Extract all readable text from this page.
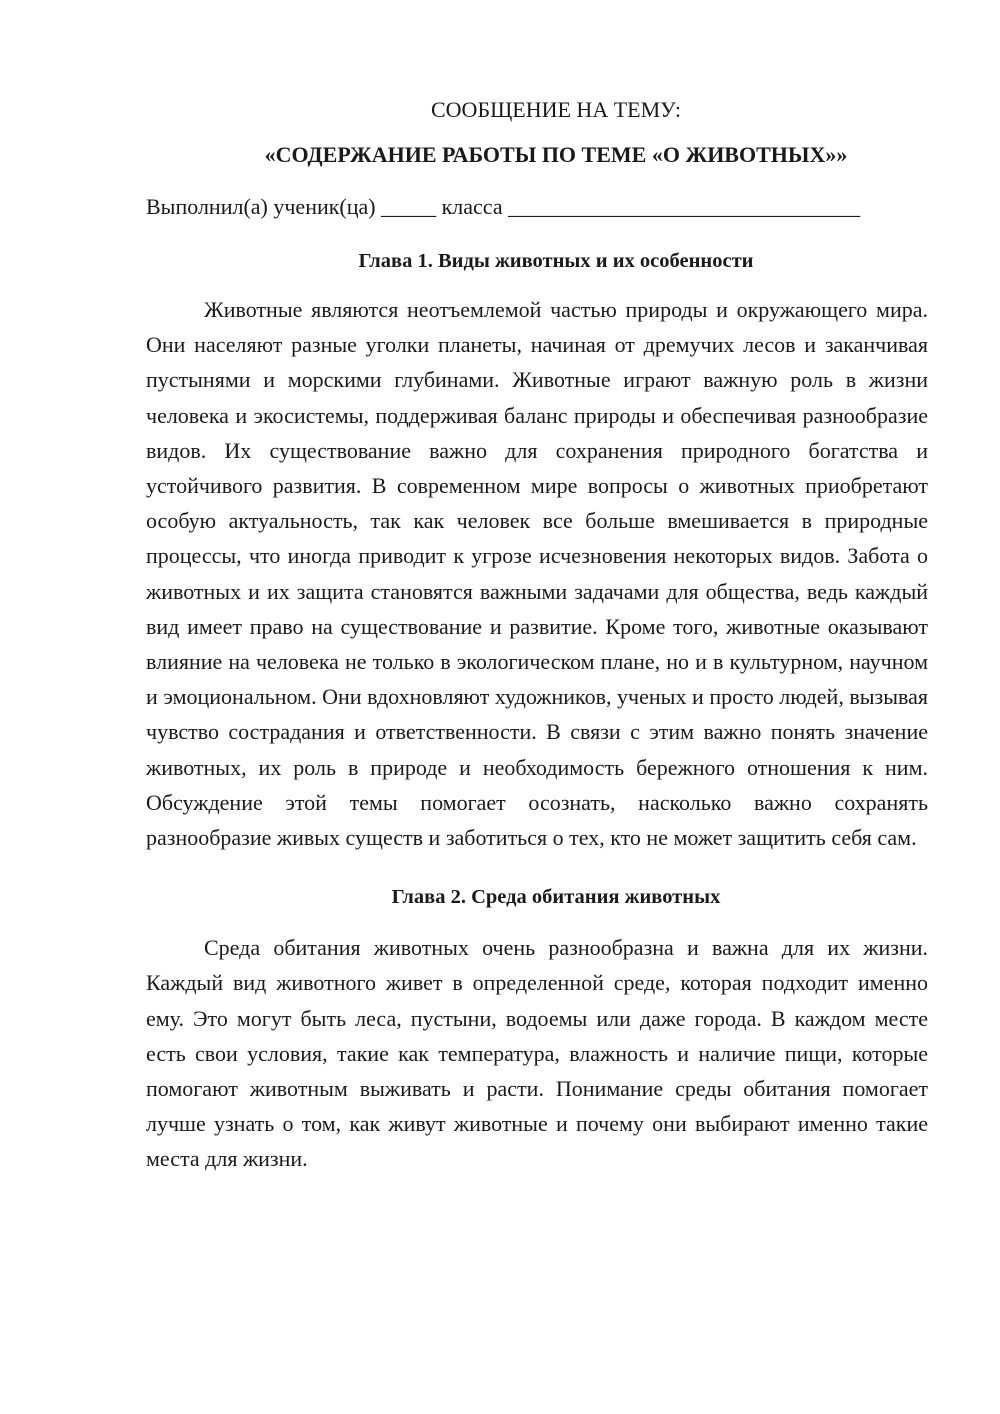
СООБЩЕНИЕ НА ТЕМУ:

«СОДЕРЖАНИЕ РАБОТЫ ПО ТЕМЕ «О ЖИВОТНЫХ»»

Выполнил(а) ученик(ца) _____ класса ________________________________

Глава 1. Виды животных и их особенности

Животные являются неотъемлемой частью природы и окружающего мира. Они населяют разные уголки планеты, начиная от дремучих лесов и заканчивая пустынями и морскими глубинами. Животные играют важную роль в жизни человека и экосистемы, поддерживая баланс природы и обеспечивая разнообразие видов. Их существование важно для сохранения природного богатства и устойчивого развития. В современном мире вопросы о животных приобретают особую актуальность, так как человек все больше вмешивается в природные процессы, что иногда приводит к угрозе исчезновения некоторых видов. Забота о животных и их защита становятся важными задачами для общества, ведь каждый вид имеет право на существование и развитие. Кроме того, животные оказывают влияние на человека не только в экологическом плане, но и в культурном, научном и эмоциональном. Они вдохновляют художников, ученых и просто людей, вызывая чувство сострадания и ответственности. В связи с этим важно понять значение животных, их роль в природе и необходимость бережного отношения к ним. Обсуждение этой темы помогает осознать, насколько важно сохранять разнообразие живых существ и заботиться о тех, кто не может защитить себя сам.

Глава 2. Среда обитания животных

Среда обитания животных очень разнообразна и важна для их жизни. Каждый вид животного живет в определенной среде, которая подходит именно ему. Это могут быть леса, пустыни, водоемы или даже города. В каждом месте есть свои условия, такие как температура, влажность и наличие пищи, которые помогают животным выживать и расти. Понимание среды обитания помогает лучше узнать о том, как живут животные и почему они выбирают именно такие места для жизни.
